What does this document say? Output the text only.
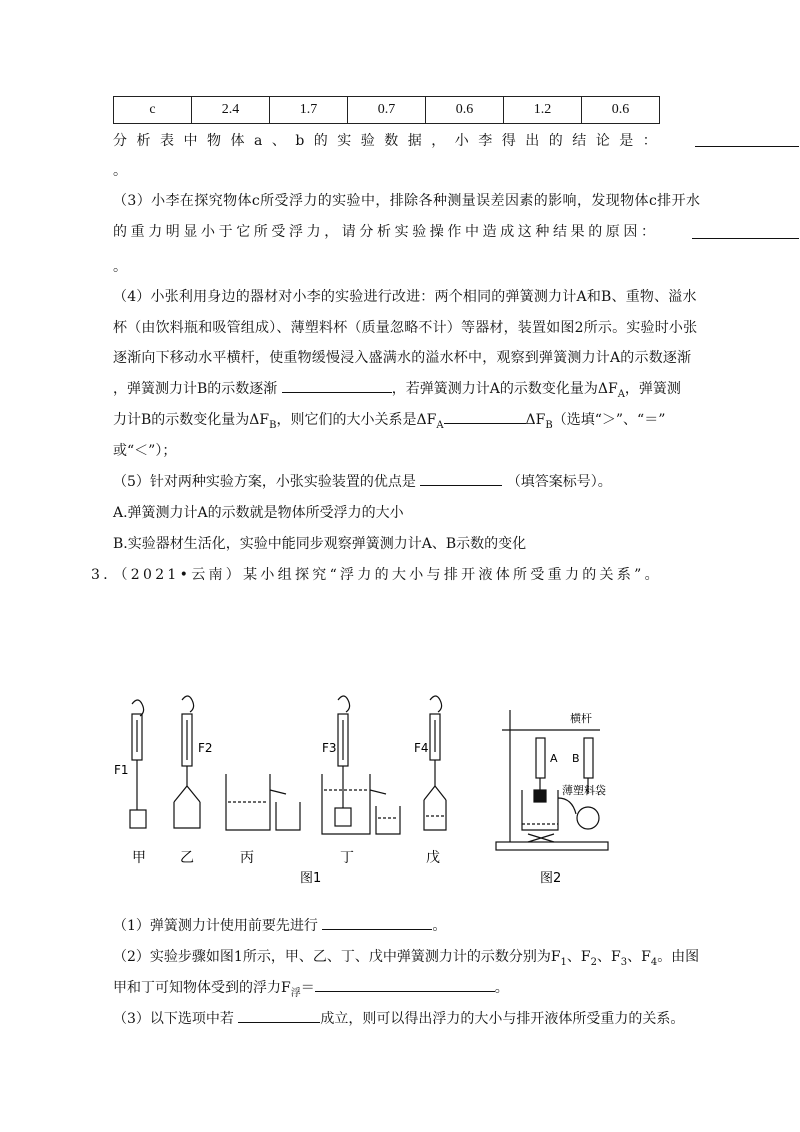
c	2.4	1.7	0.7	0.6	1.2	0.6
分析表中物体a、b的实验数据，小李得出的结论是：
。
（3）小李在探究物体c所受浮力的实验中，排除各种测量误差因素的影响，发现物体c排开水
的重力明显小于它所受浮力，请分析实验操作中造成这种结果的原因：
。
（4）小张利用身边的器材对小李的实验进行改进：两个相同的弹簧测力计A和B、重物、溢水
杯（由饮料瓶和吸管组成）、薄塑料杯（质量忽略不计）等器材，装置如图2所示。实验时小张
逐渐向下移动水平横杆，使重物缓慢浸入盛满水的溢水杯中，观察到弹簧测力计A的示数逐渐
，弹簧测力计B的示数逐渐	，若弹簧测力计A的示数变化量为$\Delta F_A$，弹簧测
力计B的示数变化量为$\Delta F_B$，则它们的大小关系是$\Delta F_A$	$\Delta F_B$（选填“＞”、“＝”
或“＜”）；
（5）针对两种实验方案，小张实验装置的优点是	（填答案标号）。
A.弹簧测力计A的示数就是物体所受浮力的大小
B.实验器材生活化，实验中能同步观察弹簧测力计A、B示数的变化
3．（2021•云南）某小组探究“浮力的大小与排开液体所受重力的关系”。
F1
F2	F3	F4
横杆
A B
薄塑料袋
甲 乙	丙	丁	戊
图1	图2
（1）弹簧测力计使用前要先进行	。
（2）实验步骤如图1所示，甲、乙、丁、戊中弹簧测力计的示数分别为$F_1$、$F_2$、$F_3$、$F_4$。由图
甲和丁可知物体受到的浮力$F_浮=$	。
（3）以下选项中若	成立，则可以得出浮力的大小与排开液体所受重力的关系。
